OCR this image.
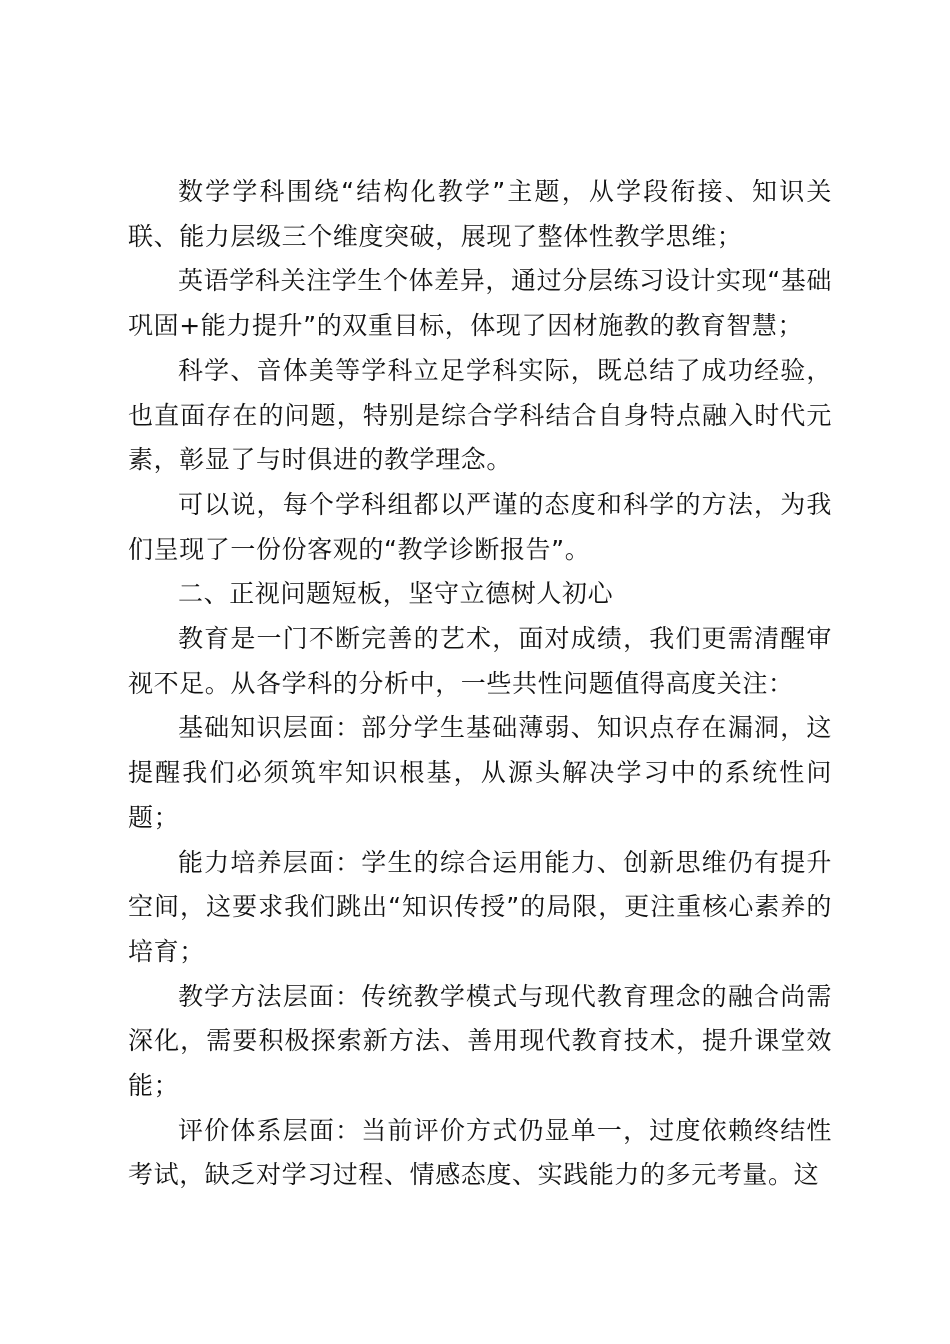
数学学科围绕“结构化教学”主题，从学段衔接、知识关联、能力层级三个维度突破，展现了整体性教学思维；

英语学科关注学生个体差异，通过分层练习设计实现“基础巩固+能力提升”的双重目标，体现了因材施教的教育智慧；

科学、音体美等学科立足学科实际，既总结了成功经验，也直面存在的问题，特别是综合学科结合自身特点融入时代元素，彰显了与时俱进的教学理念。

可以说，每个学科组都以严谨的态度和科学的方法，为我们呈现了一份份客观的“教学诊断报告”。

二、正视问题短板，坚守立德树人初心

教育是一门不断完善的艺术，面对成绩，我们更需清醒审视不足。从各学科的分析中，一些共性问题值得高度关注：

基础知识层面：部分学生基础薄弱、知识点存在漏洞，这提醒我们必须筑牢知识根基，从源头解决学习中的系统性问题；

能力培养层面：学生的综合运用能力、创新思维仍有提升空间，这要求我们跳出“知识传授”的局限，更注重核心素养的培育；

教学方法层面：传统教学模式与现代教育理念的融合尚需深化，需要积极探索新方法、善用现代教育技术，提升课堂效能；

评价体系层面：当前评价方式仍显单一，过度依赖终结性考试，缺乏对学习过程、情感态度、实践能力的多元考量。这
